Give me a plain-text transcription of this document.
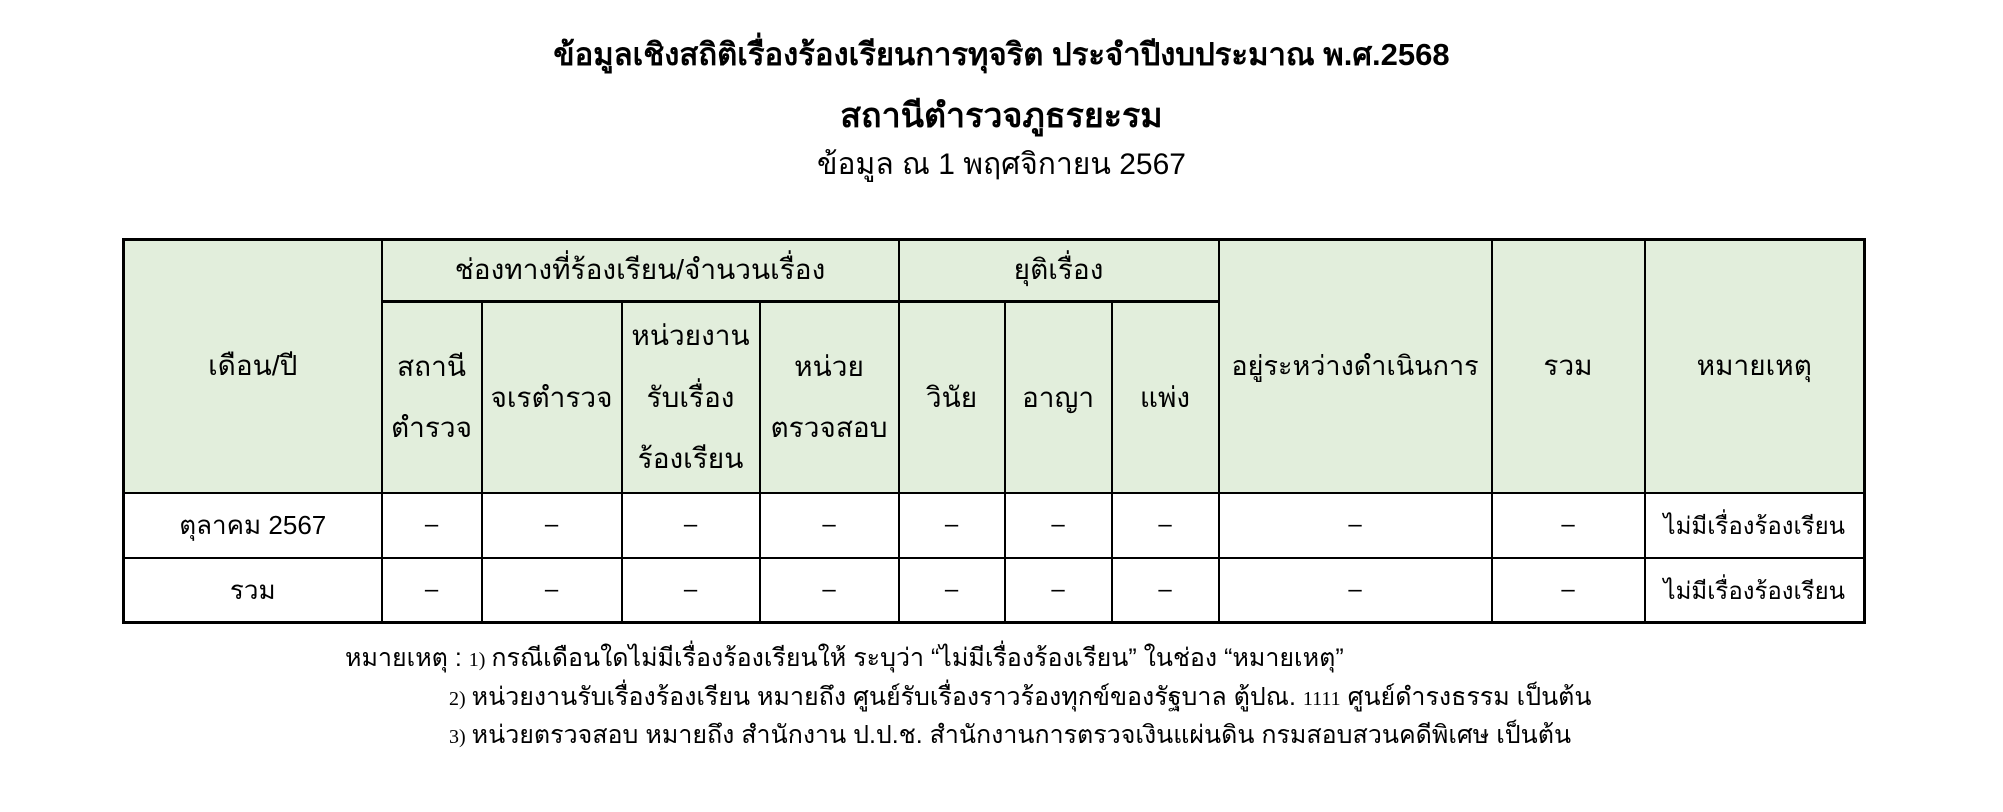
ข้อมูลเชิงสถิติเรื่องร้องเรียนการทุจริต ประจำปีงบประมาณ พ.ศ.2568
สถานีตำรวจภูธรยะรม
ข้อมูล ณ 1 พฤศจิกายน 2567
เดือน/ปี	ช่องทางที่ร้องเรียน/จำนวนเรื่อง				ยุติเรื่อง			อยู่ระหว่างดำเนินการ	รวม	หมายเหตุ
	สถานี​ตำรวจ	จเรตำรวจ	หน่วยงาน​รับเรื่อง​ร้องเรียน	หน่วย​ตรวจสอบ	วินัย	อาญา	แพ่ง			
ตุลาคม 2567	–	–	–	–	–	–	–	–	–	ไม่มีเรื่องร้องเรียน
รวม	–	–	–	–	–	–	–	–	–	ไม่มีเรื่องร้องเรียน
หมายเหตุ : 1) กรณีเดือนใดไม่มีเรื่องร้องเรียนให้ ระบุว่า “ไม่มีเรื่องร้องเรียน” ในช่อง “หมายเหตุ”
2) หน่วยงานรับเรื่องร้องเรียน หมายถึง ศูนย์รับเรื่องราวร้องทุกข์ของรัฐบาล ตู้ปณ. 1111 ศูนย์ดำรงธรรม เป็นต้น
3) หน่วยตรวจสอบ หมายถึง สำนักงาน ป.ป.ช. สำนักงานการตรวจเงินแผ่นดิน กรมสอบสวนคดีพิเศษ เป็นต้น
